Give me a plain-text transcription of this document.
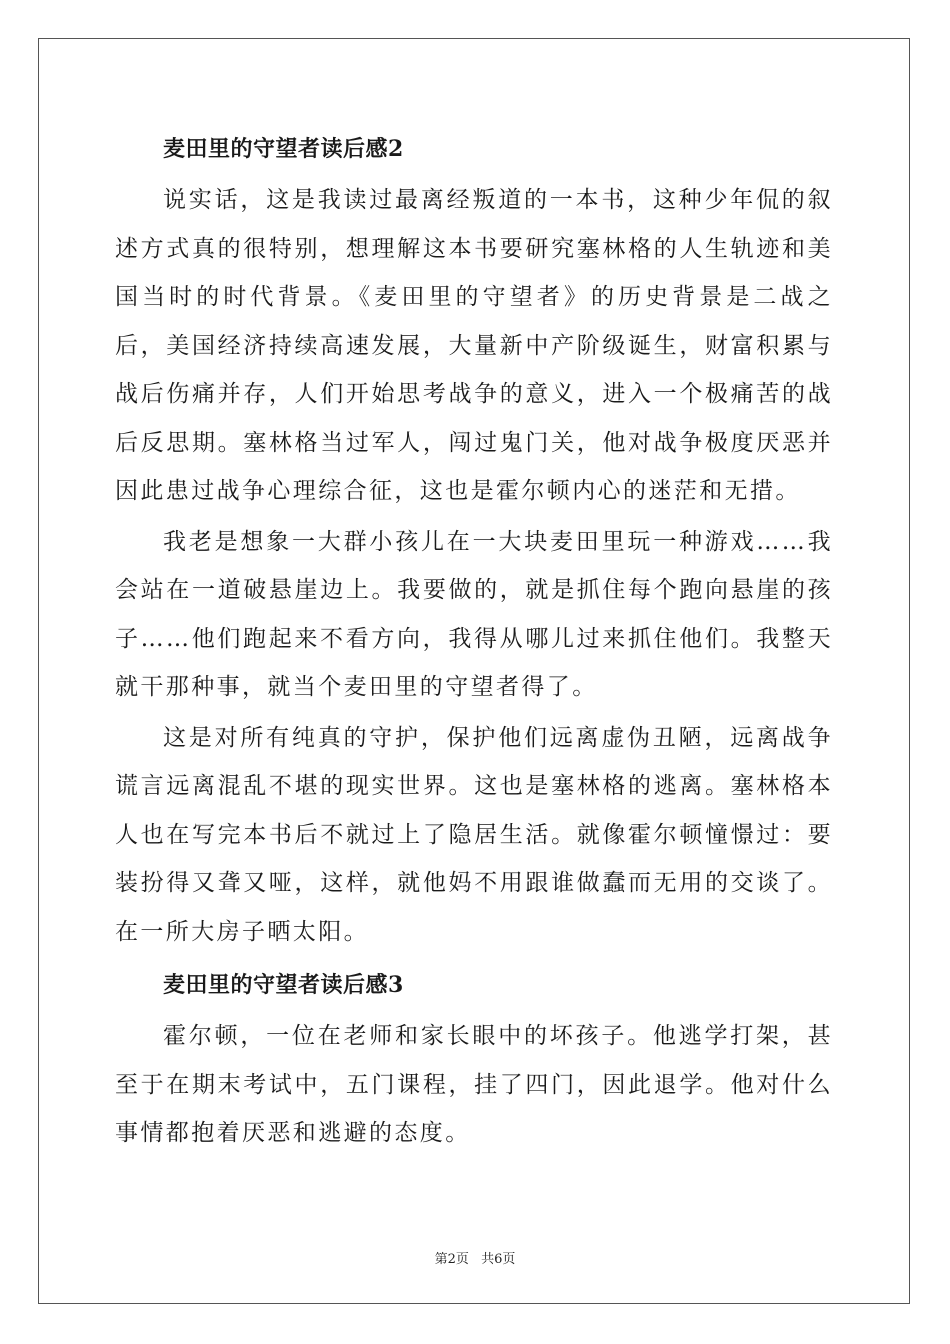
麦田里的守望者读后感2

说实话，这是我读过最离经叛道的一本书，这种少年侃的叙述方式真的很特别，想理解这本书要研究塞林格的人生轨迹和美国当时的时代背景。《麦田里的守望者》的历史背景是二战之后，美国经济持续高速发展，大量新中产阶级诞生，财富积累与战后伤痛并存，人们开始思考战争的意义，进入一个极痛苦的战后反思期。塞林格当过军人，闯过鬼门关，他对战争极度厌恶并因此患过战争心理综合征，这也是霍尔顿内心的迷茫和无措。

我老是想象一大群小孩儿在一大块麦田里玩一种游戏……我会站在一道破悬崖边上。我要做的，就是抓住每个跑向悬崖的孩子……他们跑起来不看方向，我得从哪儿过来抓住他们。我整天就干那种事，就当个麦田里的守望者得了。

这是对所有纯真的守护，保护他们远离虚伪丑陋，远离战争谎言远离混乱不堪的现实世界。这也是塞林格的逃离。塞林格本人也在写完本书后不就过上了隐居生活。就像霍尔顿憧憬过：要装扮得又聋又哑，这样，就他妈不用跟谁做蠢而无用的交谈了。在一所大房子晒太阳。

麦田里的守望者读后感3

霍尔顿，一位在老师和家长眼中的坏孩子。他逃学打架，甚至于在期末考试中，五门课程，挂了四门，因此退学。他对什么事情都抱着厌恶和逃避的态度。

第2页 共6页
